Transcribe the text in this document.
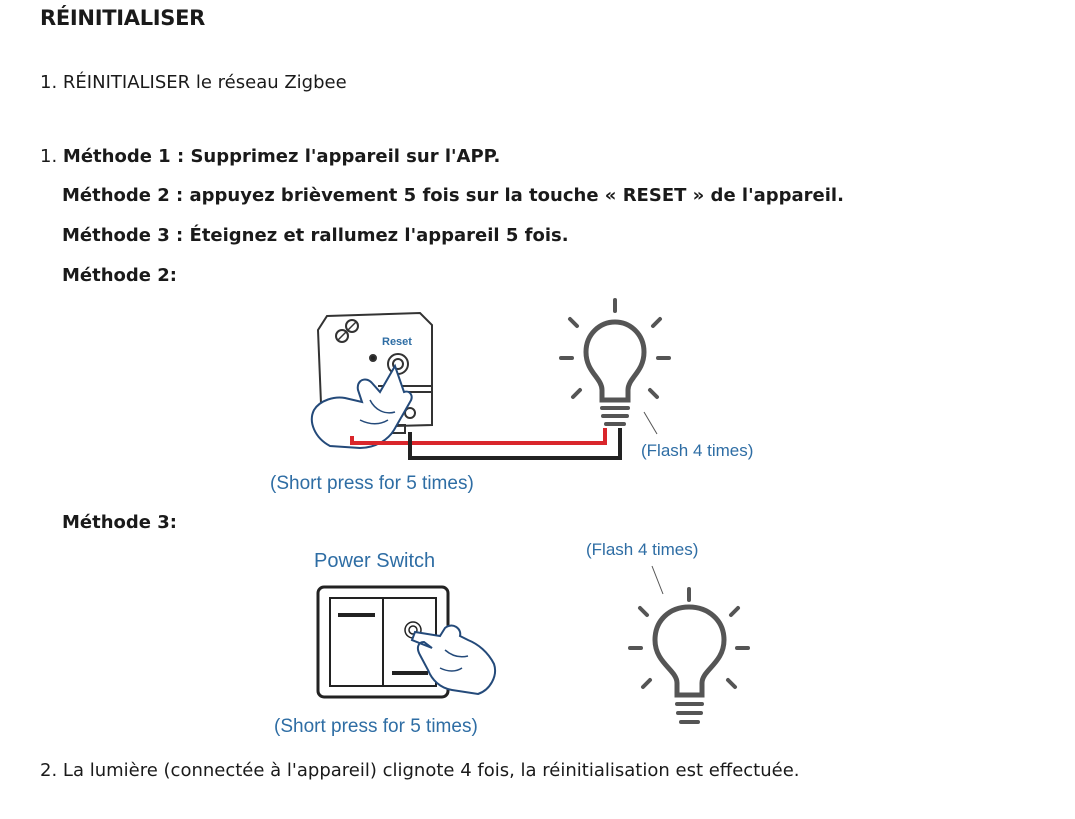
RÉINITIALISER
1. RÉINITIALISER le réseau Zigbee
1. Méthode 1 : Supprimez l'appareil sur l'APP.
Méthode 2 : appuyez brièvement 5 fois sur la touche « RESET » de l'appareil.
Méthode 3 : Éteignez et rallumez l'appareil 5 fois.
Méthode 2:
Reset
(Flash 4 times)
(Short press for 5 times)
Méthode 3:
Power Switch
(Flash 4 times)
(Short press for 5 times)
2. La lumière (connectée à l'appareil) clignote 4 fois, la réinitialisation est effectuée.
